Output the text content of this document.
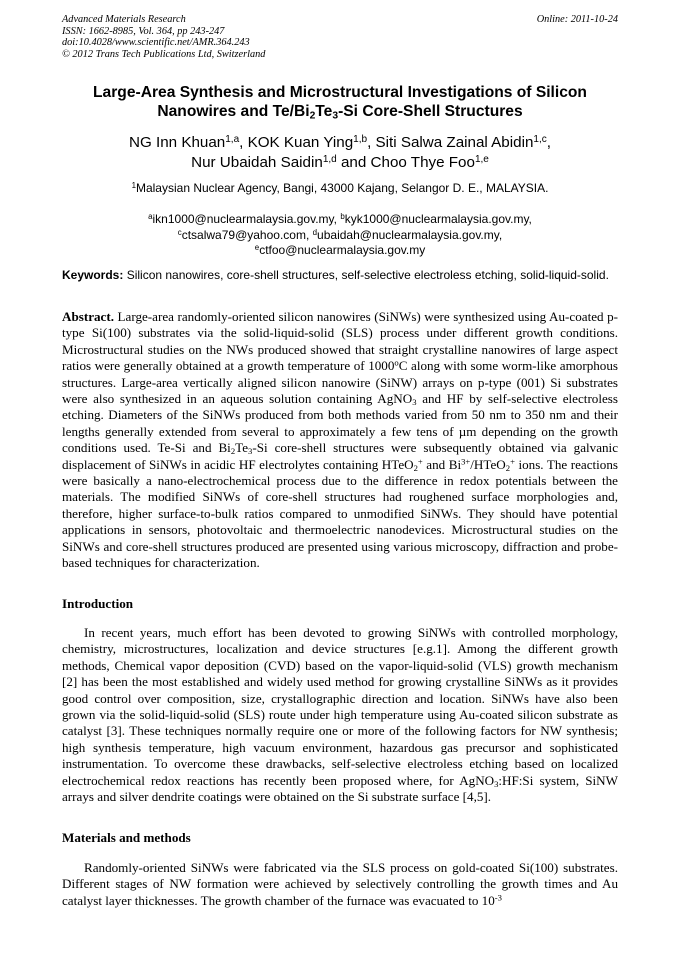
Advanced Materials Research
ISSN: 1662-8985, Vol. 364, pp 243-247
doi:10.4028/www.scientific.net/AMR.364.243
© 2012 Trans Tech Publications Ltd, Switzerland
Online: 2011-10-24
Large-Area Synthesis and Microstructural Investigations of Silicon
Nanowires and $Te/Bi_2Te_3-Si$ Core-Shell Structures
NG Inn Khuan$^{1,a}$, KOK Kuan Ying$^{1,b}$, Siti Salwa Zainal Abidin$^{1,c}$,
Nur Ubaidah Saidin$^{1,d}$ and Choo Thye Foo$^{1,e}$
$^1$Malaysian Nuclear Agency, Bangi, 43000 Kajang, Selangor D. E., MALAYSIA.
$^a$ikn1000@nuclearmalaysia.gov.my, $^b$kyk1000@nuclearmalaysia.gov.my,
$^c$ctsalwa79@yahoo.com, $^d$ubaidah@nuclearmalaysia.gov.my,
$^e$ctfoo@nuclearmalaysia.gov.my
Keywords: Silicon nanowires, core-shell structures, self-selective electroless etching, solid-liquid-solid.
Abstract. Large-area randomly-oriented silicon nanowires (SiNWs) were synthesized using Au-coated p-type Si(100) substrates via the solid-liquid-solid (SLS) process under different growth conditions. Microstructural studies on the NWs produced showed that straight crystalline nanowires of large aspect ratios were generally obtained at a growth temperature of 1000$^o$C along with some worm-like amorphous structures. Large-area vertically aligned silicon nanowire (SiNW) arrays on p-type (001) Si substrates were also synthesized in an aqueous solution containing AgNO$_3$ and HF by self-selective electroless etching. Diameters of the SiNWs produced from both methods varied from 50 nm to 350 nm and their lengths generally extended from several to approximately a few tens of µm depending on the growth conditions used. Te-Si and $Bi_2Te_3-Si$ core-shell structures were subsequently obtained via galvanic displacement of SiNWs in acidic HF electrolytes containing HTeO$_2$+ and $Bi^{3+}/HTeO_2^+$ ions. The reactions were basically a nano-electrochemical process due to the difference in redox potentials between the materials. The modified SiNWs of core-shell structures had roughened surface morphologies and, therefore, higher surface-to-bulk ratios compared to unmodified SiNWs. They should have potential applications in sensors, photovoltaic and thermoelectric nanodevices. Microstructural studies on the SiNWs and core-shell structures produced are presented using various microscopy, diffraction and probe-based techniques for characterization.
Introduction
In recent years, much effort has been devoted to growing SiNWs with controlled morphology, chemistry, microstructures, localization and device structures [e.g.1]. Among the different growth methods, Chemical vapor deposition (CVD) based on the vapor-liquid-solid (VLS) growth mechanism [2] has been the most established and widely used method for growing crystalline SiNWs as it provides good control over composition, size, crystallographic direction and location. SiNWs have also been grown via the solid-liquid-solid (SLS) route under high temperature using Au-coated silicon substrate as catalyst [3]. These techniques normally require one or more of the following factors for NW synthesis; high synthesis temperature, high vacuum environment, hazardous gas precursor and sophisticated instrumentation. To overcome these drawbacks, self-selective electroless etching based on localized electrochemical redox reactions has recently been proposed where, for AgNO$_3$:HF:Si system, SiNW arrays and silver dendrite coatings were obtained on the Si substrate surface [4,5].
Materials and methods
Randomly-oriented SiNWs were fabricated via the SLS process on gold-coated Si(100) substrates. Different stages of NW formation were achieved by selectively controlling the growth times and Au catalyst layer thicknesses. The growth chamber of the furnace was evacuated to $10^{-3}$
